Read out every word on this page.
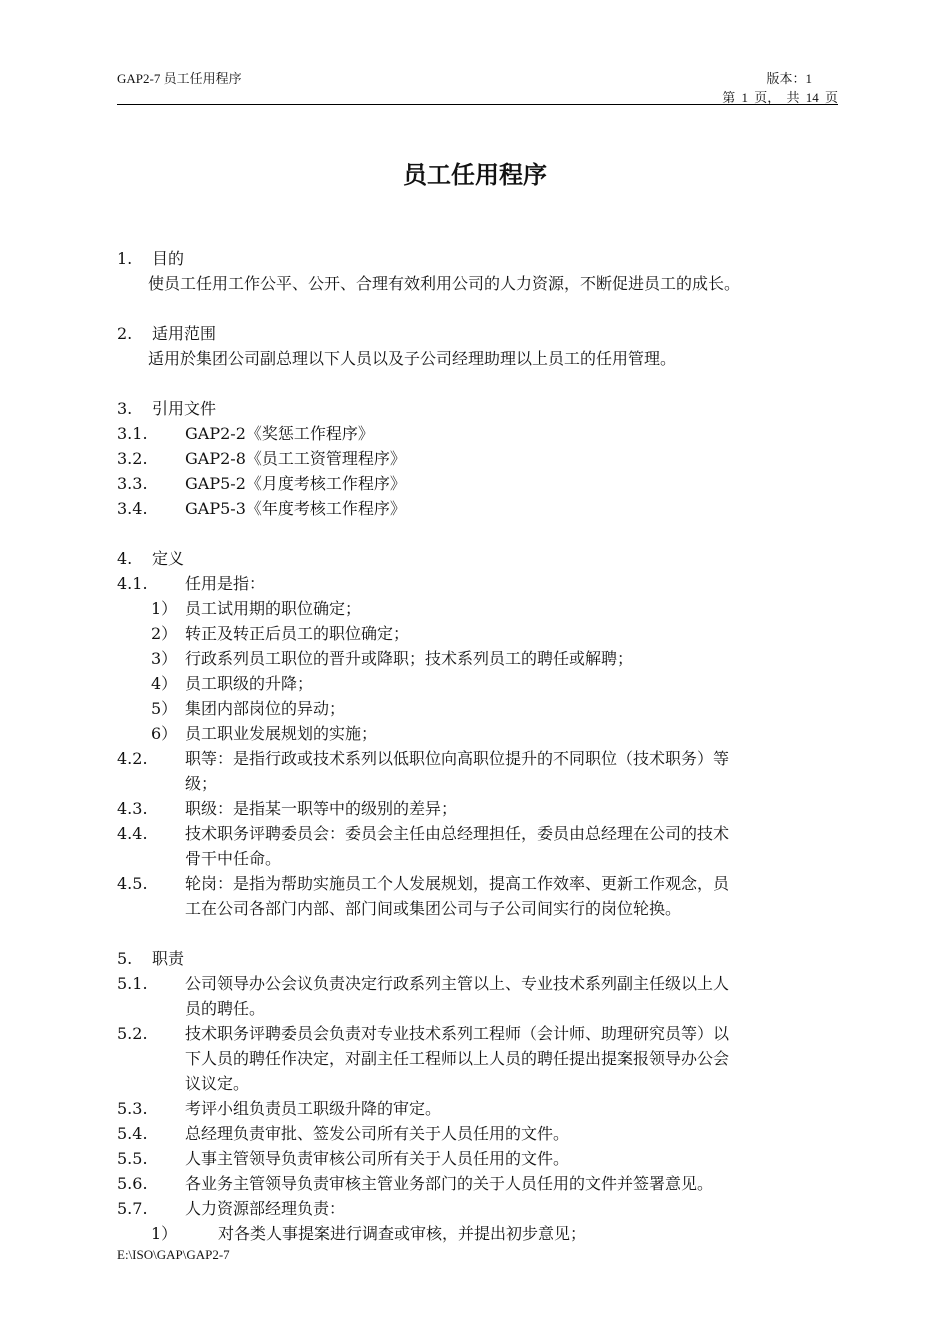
GAP2-7 员工任用程序	版本：1
第 1 页， 共 14 页
员工任用程序
1. 目的
使员工任用工作公平、公开、合理有效利用公司的人力资源，不断促进员工的成长。
2. 适用范围
适用於集团公司副总理以下人员以及子公司经理助理以上员工的任用管理。
3. 引用文件
3.1. GAP2-2《奖惩工作程序》
3.2. GAP2-8《员工工资管理程序》
3.3. GAP5-2《月度考核工作程序》
3.4. GAP5-3《年度考核工作程序》
4. 定义
4.1. 任用是指：
1） 员工试用期的职位确定；
2） 转正及转正后员工的职位确定；
3） 行政系列员工职位的晋升或降职；技术系列员工的聘任或解聘；
4） 员工职级的升降；
5） 集团内部岗位的异动；
6） 员工职业发展规划的实施；
4.2. 职等：是指行政或技术系列以低职位向高职位提升的不同职位（技术职务）等
级；
4.3. 职级：是指某一职等中的级别的差异；
4.4. 技术职务评聘委员会：委员会主任由总经理担任，委员由总经理在公司的技术
骨干中任命。
4.5. 轮岗：是指为帮助实施员工个人发展规划，提高工作效率、更新工作观念，员
工在公司各部门内部、部门间或集团公司与子公司间实行的岗位轮换。
5. 职责
5.1. 公司领导办公会议负责决定行政系列主管以上、专业技术系列副主任级以上人
员的聘任。
5.2. 技术职务评聘委员会负责对专业技术系列工程师（会计师、助理研究员等）以
下人员的聘任作决定，对副主任工程师以上人员的聘任提出提案报领导办公会
议议定。
5.3. 考评小组负责员工职级升降的审定。
5.4. 总经理负责审批、签发公司所有关于人员任用的文件。
5.5. 人事主管领导负责审核公司所有关于人员任用的文件。
5.6. 各业务主管领导负责审核主管业务部门的关于人员任用的文件并签署意见。
5.7. 人力资源部经理负责：
1）	对各类人事提案进行调查或审核，并提出初步意见；
E:\ISO\GAP\GAP2-7
